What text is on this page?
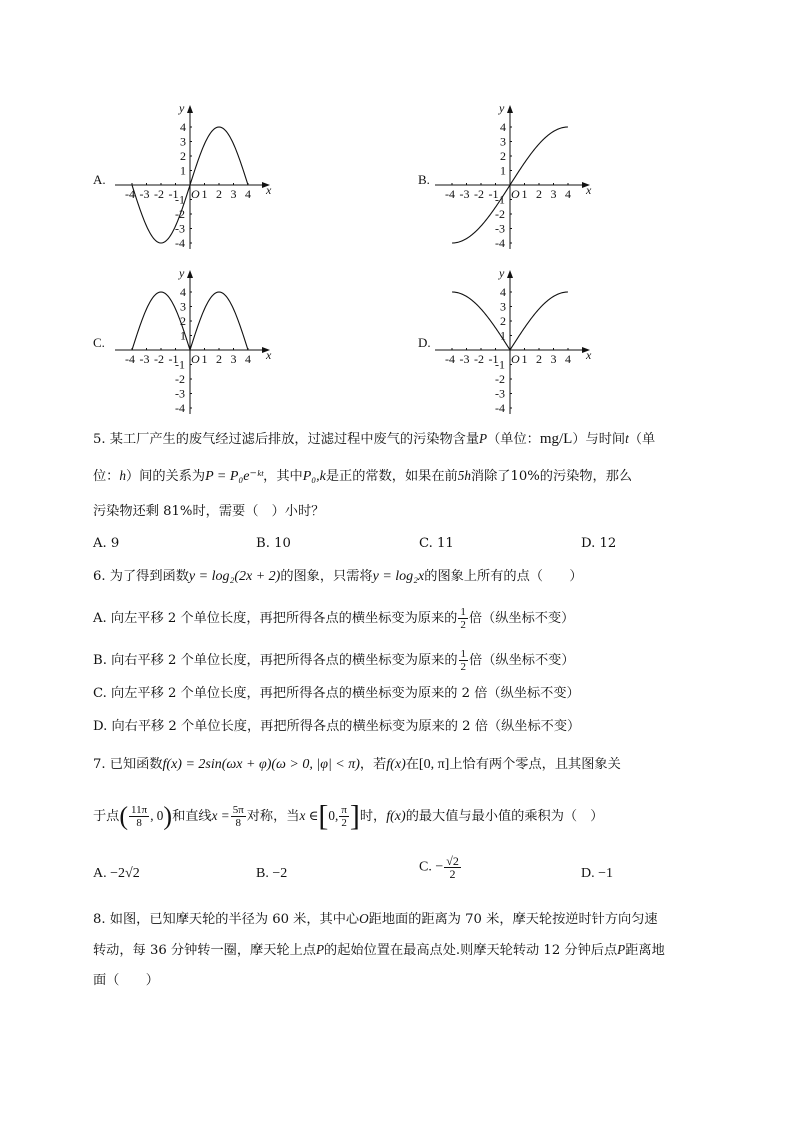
A.	B.
C.	D.
x
y
O
-4 -3 -2 -1 1 2 3 4
4
3
2
1
-1
-2
-3
-4
x
y
O
-4 -3 -2 -1 1 2 3 4
4
3
2
1
-1
-2
-3
-4
x
y
O
-4 -3 -2 -1 1 2 3 4
4
3
2
1
-1
-2
-3
-4
x
y
O
-4 -3 -2 -1 1 2 3 4
4
3
2
1
-1
-2
-3
-4
5. 某工厂产生的废气经过滤后排放，过滤过程中废气的污染物含量P（单位：mg/L）与时间t（单
位：h）间的关系为P = P₀e⁻ᵏᵗ，其中P₀,k是正的常数，如果在前5h消除了10%的污染物，那么
污染物还剩 81%时，需要（　）小时？
A. 9	B. 10	C. 11	D. 12
6. 为了得到函数y = log₂(2x + 2)的图象，只需将y = log₂x的图象上所有的点（　　）
A. 向左平移 2 个单位长度，再把所得各点的横坐标变为原来的 $\frac{1}{2}$ 倍（纵坐标不变）
B. 向右平移 2 个单位长度，再把所得各点的横坐标变为原来的 $\frac{1}{2}$ 倍（纵坐标不变）
C. 向左平移 2 个单位长度，再把所得各点的横坐标变为原来的 2 倍（纵坐标不变）
D. 向右平移 2 个单位长度，再把所得各点的横坐标变为原来的 2 倍（纵坐标不变）
7. 已知函数f(x) = 2sin(ωx + φ)(ω > 0, |φ| < π)，若f(x)在[0, π]上恰有两个零点，且其图象关
于点( $\frac{11\pi}{8}$ , 0)和直线$x = \frac{5\pi}{8}$ 对称，当x ∈[0, $\frac{\pi}{2}$ ]时，f(x)的最大值与最小值的乘积为（　）
A. −2√2	B. −2	C. − $\frac{√2}{2}$	D. −1
8. 如图，已知摩天轮的半径为 60 米，其中心O距地面的距离为 70 米，摩天轮按逆时针方向匀速
转动，每 36 分钟转一圈，摩天轮上点P的起始位置在最高点处.则摩天轮转动 12 分钟后点P距离地
面（　　）
